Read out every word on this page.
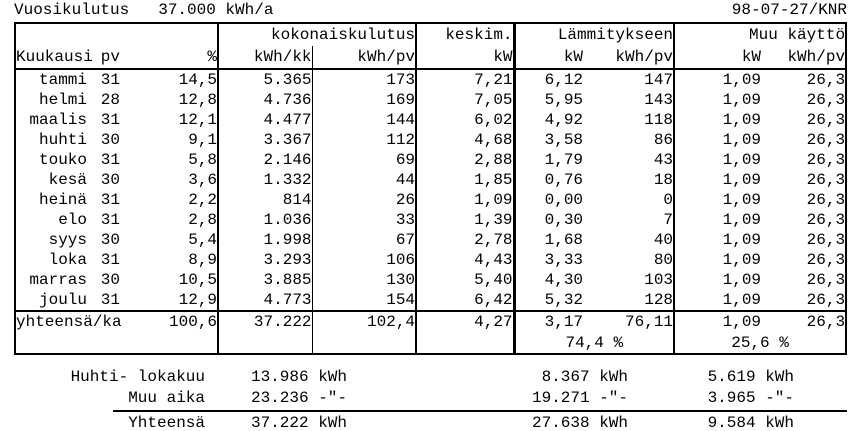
Vuosikulutus 37.000 kWh/a	98-07-27/KNR
			kokonaiskulutus		keskim.	Lämmitykseen		Muu käyttö	
Kuukausi	pv	%	kWh/kk	kWh/pv	kW	kW	kWh/pv	kW	kWh/pv
tammi	31	14,5	5.365	173	7,21	6,12	147	1,09	26,3
helmi	28	12,8	4.736	169	7,05	5,95	143	1,09	26,3
maalis	31	12,1	4.477	144	6,02	4,92	118	1,09	26,3
huhti	30	9,1	3.367	112	4,68	3,58	86	1,09	26,3
touko	31	5,8	2.146	69	2,88	1,79	43	1,09	26,3
kesä	30	3,6	1.332	44	1,85	0,76	18	1,09	26,3
heinä	31	2,2	814	26	1,09	0,00	0	1,09	26,3
elo	31	2,8	1.036	33	1,39	0,30	7	1,09	26,3
syys	30	5,4	1.998	67	2,78	1,68	40	1,09	26,3
loka	31	8,9	3.293	106	4,43	3,33	80	1,09	26,3
marras	30	10,5	3.885	130	5,40	4,30	103	1,09	26,3
joulu	31	12,9	4.773	154	6,42	5,32	128	1,09	26,3
yhteensä/ka		100,6	37.222	102,4	4,27	3,17	76,11	1,09	26,3
						74,4 %		25,6 %	
Huhti- lokakuu	13.986 kWh	8.367 kWh	5.619 kWh
Muu aika	23.236 -"-	19.271 -"-	3.965 -"-
Yhteensä	37.222 kWh	27.638 kWh	9.584 kWh
